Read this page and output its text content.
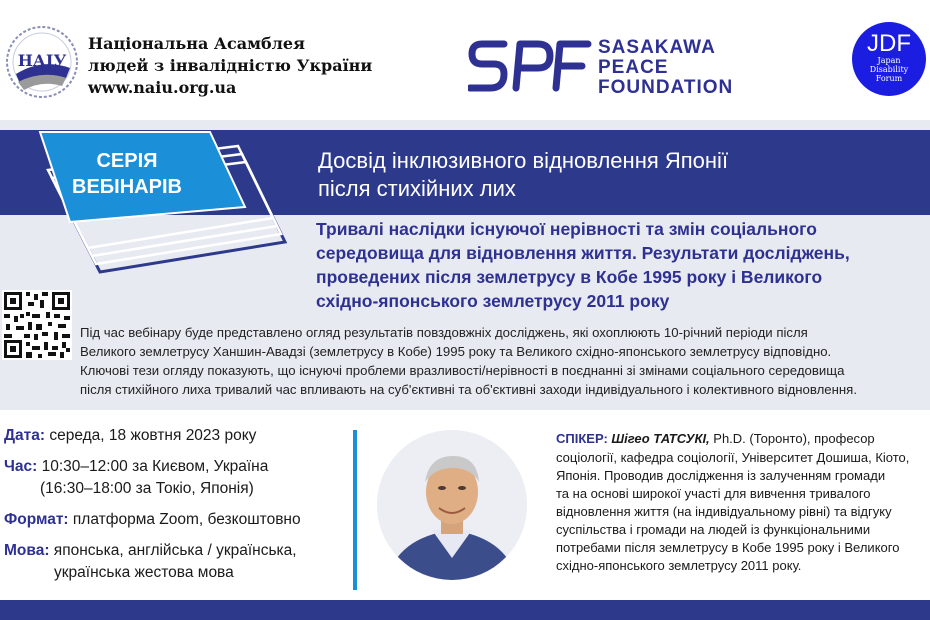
НАІУ
Національна Асамблея
людей з інвалідністю України
www.naiu.org.ua
SPF
SASAKAWA
PEACE
FOUNDATION
JDF
Japan
Disability
Forum
СЕРІЯ
ВЕБІНАРІВ
Досвід інклюзивного відновлення Японії
після стихійних лих
Тривалі наслідки існуючої нерівності та змін соціального
середовища для відновлення життя. Результати досліджень,
проведених після землетрусу в Кобе 1995 року і Великого
східно-японського землетрусу 2011 року
Під час вебінару буде представлено огляд результатів повздовжніх досліджень, які охоплюють 10-річний періоди після
Великого землетрусу Ханшин-Авадзі (землетрусу в Кобе) 1995 року та Великого східно-японського землетрусу відповідно.
Ключові тези огляду показують, що існуючі проблеми вразливості/нерівності в поєднанні зі змінами соціального середовища
після стихійного лиха тривалий час впливають на суб'єктивні та об'єктивні заходи індивідуального і колективного відновлення.
Дата: середа, 18 жовтня 2023 року
Час: 10:30–12:00 за Києвом, Україна
(16:30–18:00 за Токіо, Японія)
Формат: платформа Zoom, безкоштовно
Мова: японська, англійська / українська,
українська жестова мова
СПІКЕР: Шігео ТАТСУКІ, Ph.D. (Торонто), професор
соціології, кафедра соціології, Університет Дошиша, Кіото,
Японія. Проводив дослідження із залученням громади
та на основі широкої участі для вивчення тривалого
відновлення життя (на індивідуальному рівні) та відгуку
суспільства і громади на людей із функціональними
потребами після землетрусу в Кобе 1995 року і Великого
східно-японського землетрусу 2011 року.
